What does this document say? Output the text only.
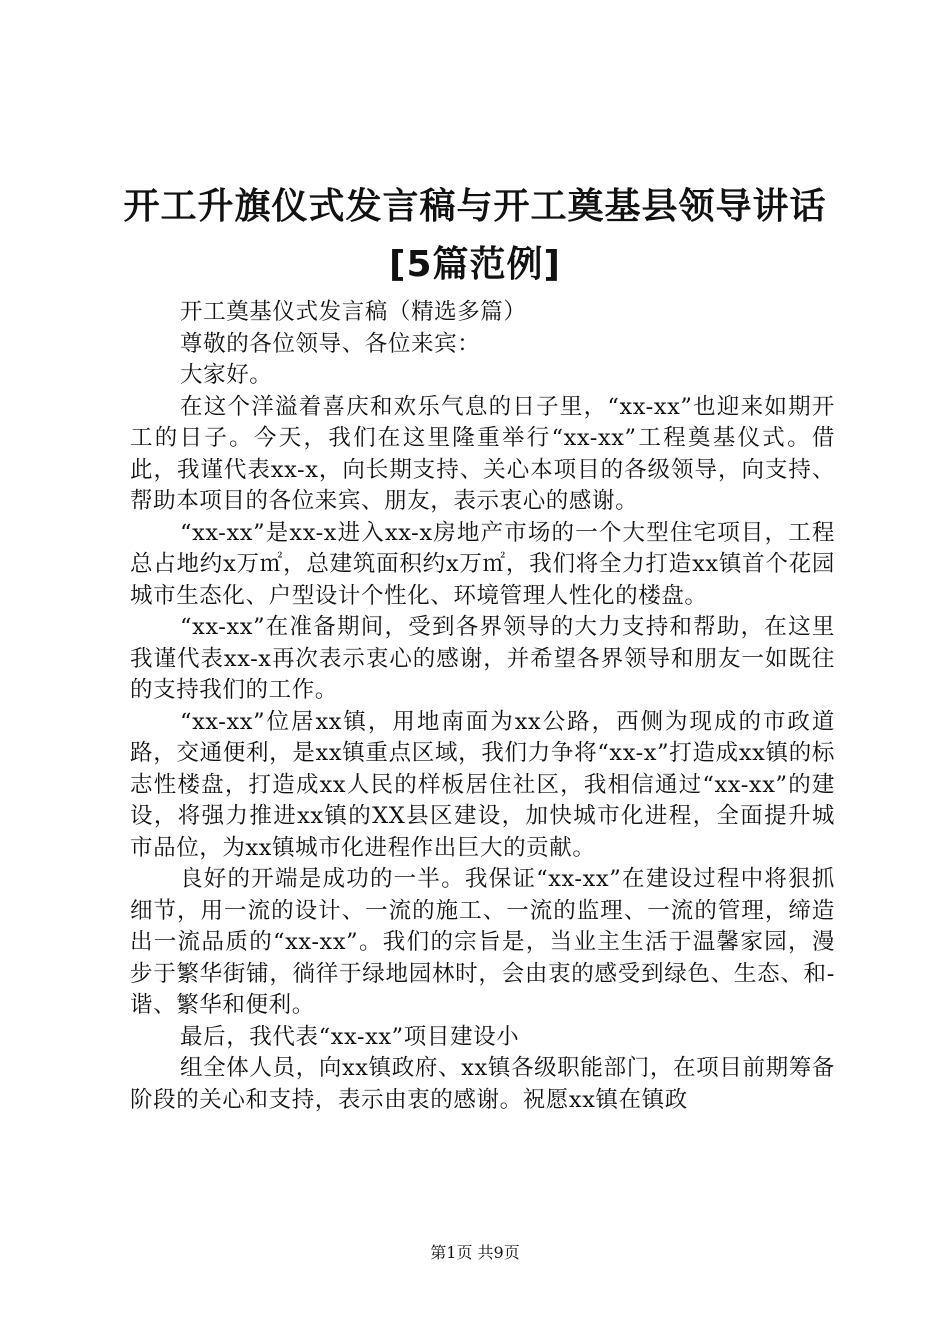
开工升旗仪式发言稿与开工奠基县领导讲话[5篇范例]

开工奠基仪式发言稿（精选多篇）

尊敬的各位领导、各位来宾：

大家好。

在这个洋溢着喜庆和欢乐气息的日子里，“xx-xx”也迎来如期开工的日子。今天，我们在这里隆重举行“xx-xx”工程奠基仪式。借此，我谨代表xx-x，向长期支持、关心本项目的各级领导，向支持、帮助本项目的各位来宾、朋友，表示衷心的感谢。

“xx-xx”是xx-x进入xx-x房地产市场的一个大型住宅项目，工程总占地约x万㎡，总建筑面积约x万㎡，我们将全力打造xx镇首个花园城市生态化、户型设计个性化、环境管理人性化的楼盘。

“xx-xx”在准备期间，受到各界领导的大力支持和帮助，在这里我谨代表xx-x再次表示衷心的感谢，并希望各界领导和朋友一如既往的支持我们的工作。

“xx-xx”位居xx镇，用地南面为xx公路，西侧为现成的市政道路，交通便利，是xx镇重点区域，我们力争将“xx-x”打造成xx镇的标志性楼盘，打造成xx人民的样板居住社区，我相信通过“xx-xx”的建设，将强力推进xx镇的XX县区建设，加快城市化进程，全面提升城市品位，为xx镇城市化进程作出巨大的贡献。

良好的开端是成功的一半。我保证“xx-xx”在建设过程中将狠抓细节，用一流的设计、一流的施工、一流的监理、一流的管理，缔造出一流品质的“xx-xx”。我们的宗旨是，当业主生活于温馨家园，漫步于繁华街铺，徜徉于绿地园林时，会由衷的感受到绿色、生态、和-谐、繁华和便利。

最后，我代表“xx-xx”项目建设小

组全体人员，向xx镇政府、xx镇各级职能部门，在项目前期筹备阶段的关心和支持，表示由衷的感谢。祝愿xx镇在镇政

第1页 共9页
